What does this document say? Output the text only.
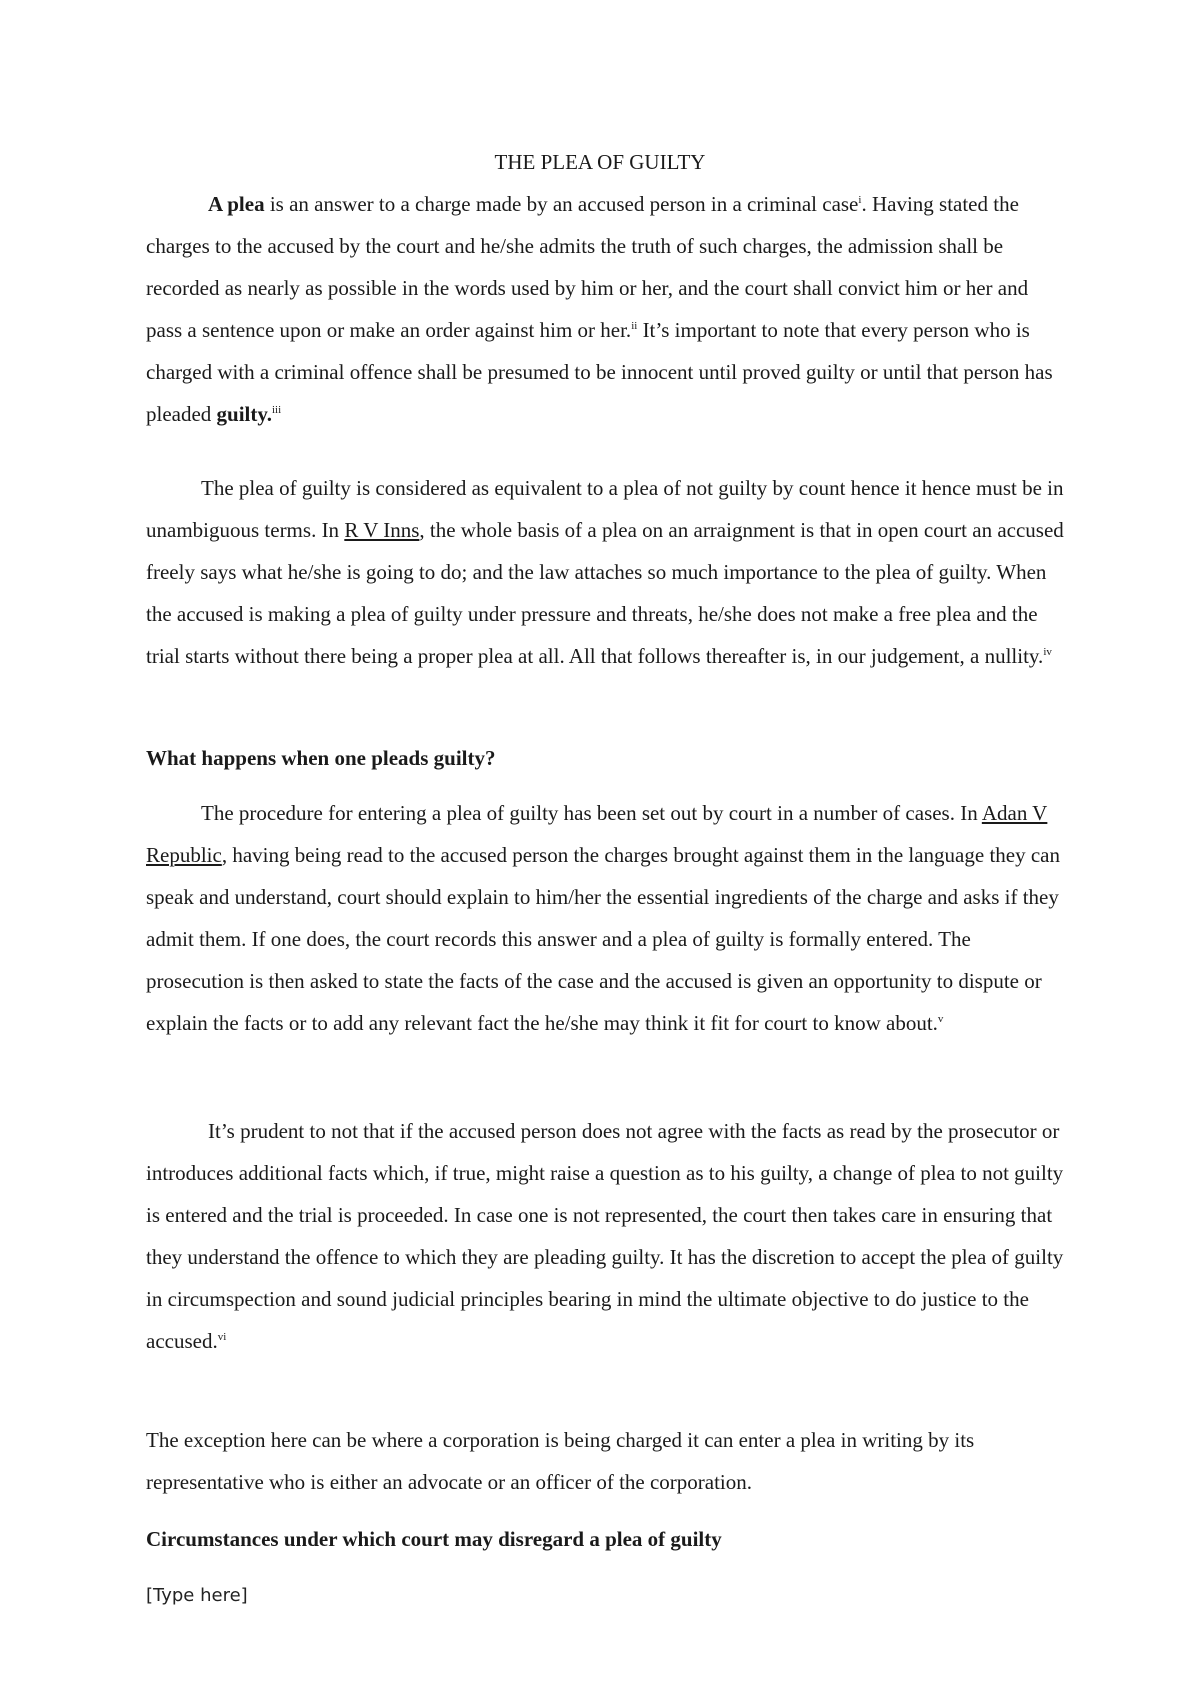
THE PLEA OF GUILTY

A plea is an answer to a charge made by an accused person in a criminal case$^i$. Having stated the charges to the accused by the court and he/she admits the truth of such charges, the admission shall be recorded as nearly as possible in the words used by him or her, and the court shall convict him or her and pass a sentence upon or make an order against him or her.$^{ii}$ It’s important to note that every person who is charged with a criminal offence shall be presumed to be innocent until proved guilty or until that person has pleaded guilty.$^{iii}$

The plea of guilty is considered as equivalent to a plea of not guilty by count hence it hence must be in unambiguous terms. In R V Inns, the whole basis of a plea on an arraignment is that in open court an accused freely says what he/she is going to do; and the law attaches so much importance to the plea of guilty. When the accused is making a plea of guilty under pressure and threats, he/she does not make a free plea and the trial starts without there being a proper plea at all. All that follows thereafter is, in our judgement, a nullity.$^{iv}$

What happens when one pleads guilty?

The procedure for entering a plea of guilty has been set out by court in a number of cases. In Adan V Republic, having being read to the accused person the charges brought against them in the language they can speak and understand, court should explain to him/her the essential ingredients of the charge and asks if they admit them. If one does, the court records this answer and a plea of guilty is formally entered. The prosecution is then asked to state the facts of the case and the accused is given an opportunity to dispute or explain the facts or to add any relevant fact the he/she may think it fit for court to know about.$^v$

It’s prudent to not that if the accused person does not agree with the facts as read by the prosecutor or introduces additional facts which, if true, might raise a question as to his guilty, a change of plea to not guilty is entered and the trial is proceeded. In case one is not represented, the court then takes care in ensuring that they understand the offence to which they are pleading guilty. It has the discretion to accept the plea of guilty in circumspection and sound judicial principles bearing in mind the ultimate objective to do justice to the accused.$^{vi}$

The exception here can be where a corporation is being charged it can enter a plea in writing by its representative who is either an advocate or an officer of the corporation.

Circumstances under which court may disregard a plea of guilty
[Type here]
